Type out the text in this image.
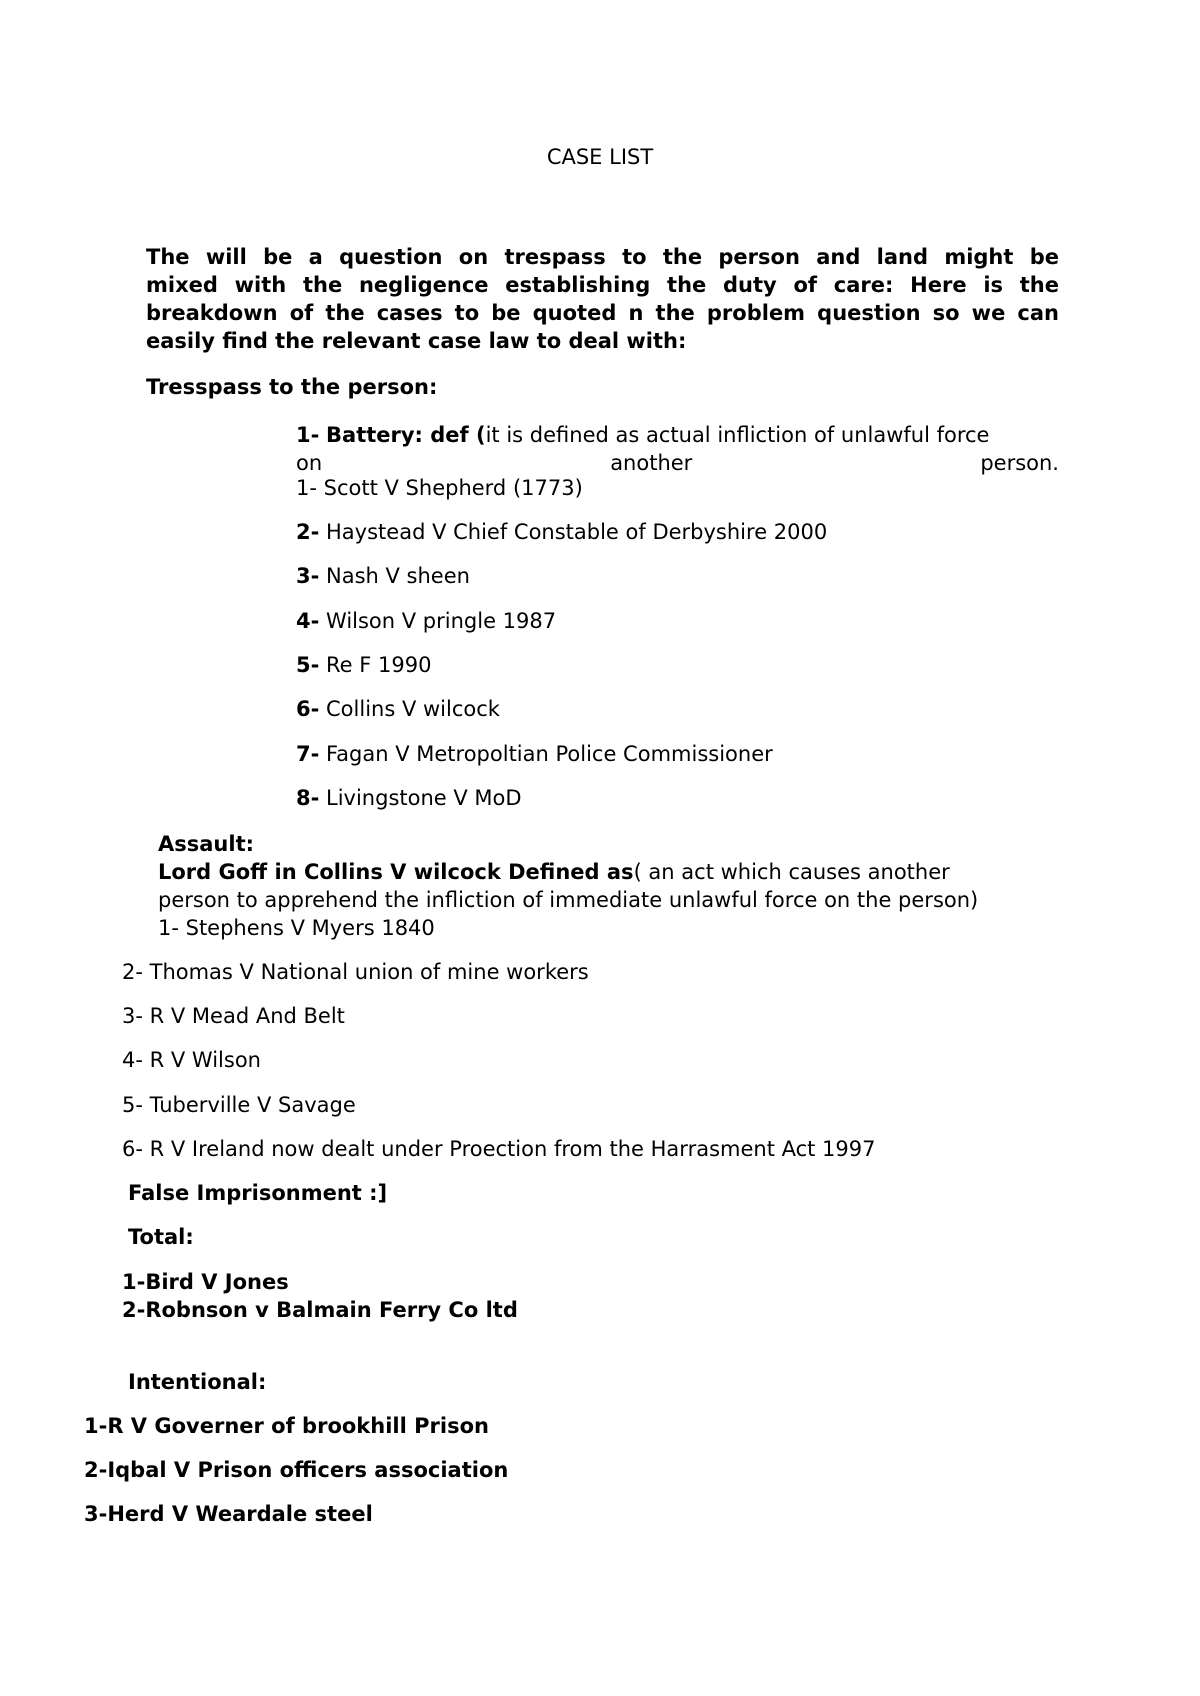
CASE LIST
The will be a question on trespass to the person and land might be
mixed with the negligence establishing the duty of care: Here is the
breakdown of the cases to be quoted n the problem question so we can
easily find the relevant case law to deal with:
Tresspass to the person:
1- Battery: def (it is defined as actual infliction of unlawful force
on	another	person.
1- Scott V Shepherd (1773)
2- Haystead V Chief Constable of Derbyshire 2000
3- Nash V sheen
4- Wilson V pringle 1987
5- Re F 1990
6- Collins V wilcock
7- Fagan V Metropoltian Police Commissioner
8- Livingstone V MoD
Assault:
Lord Goff in Collins V wilcock Defined as( an act which causes another
person to apprehend the infliction of immediate unlawful force on the person)
1- Stephens V Myers 1840
2- Thomas V National union of mine workers
3- R V Mead And Belt
4- R V Wilson
5- Tuberville V Savage
6- R V Ireland now dealt under Proection from the Harrasment Act 1997
False Imprisonment :]
Total:
1-Bird V Jones
2-Robnson v Balmain Ferry Co ltd
Intentional:
1-R V Governer of brookhill Prison
2-Iqbal V Prison officers association
3-Herd V Weardale steel
